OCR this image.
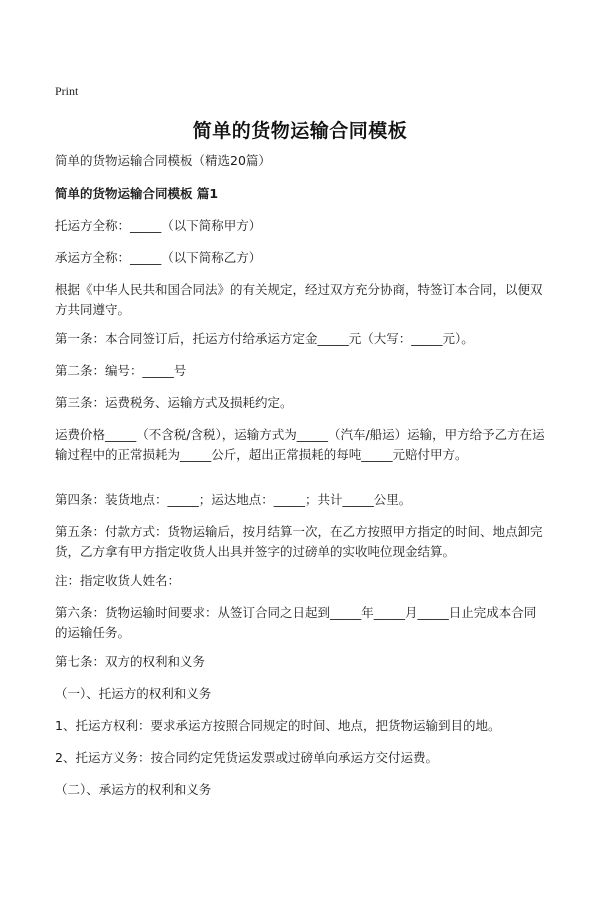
Print
简单的货物运输合同模板
简单的货物运输合同模板（精选20篇）
简单的货物运输合同模板 篇1
托运方全称：_____（以下简称甲方）
承运方全称：_____（以下简称乙方）
根据《中华人民共和国合同法》的有关规定，经过双方充分协商，特签订本合同，以便双方共同遵守。
第一条：本合同签订后，托运方付给承运方定金_____元（大写：_____元）。
第二条：编号：_____号
第三条：运费税务、运输方式及损耗约定。
运费价格_____（不含税/含税），运输方式为_____（汽车/船运）运输，甲方给予乙方在运输过程中的正常损耗为_____公斤，超出正常损耗的每吨_____元赔付甲方。
第四条：装货地点：_____；运达地点：_____；共计_____公里。
第五条：付款方式：货物运输后，按月结算一次，在乙方按照甲方指定的时间、地点卸完货，乙方拿有甲方指定收货人出具并签字的过磅单的实收吨位现金结算。
注：指定收货人姓名：
第六条：货物运输时间要求：从签订合同之日起到_____年_____月_____日止完成本合同的运输任务。
第七条：双方的权利和义务
（一）、托运方的权利和义务
1、托运方权利：要求承运方按照合同规定的时间、地点，把货物运输到目的地。
2、托运方义务：按合同约定凭货运发票或过磅单向承运方交付运费。
（二）、承运方的权利和义务
